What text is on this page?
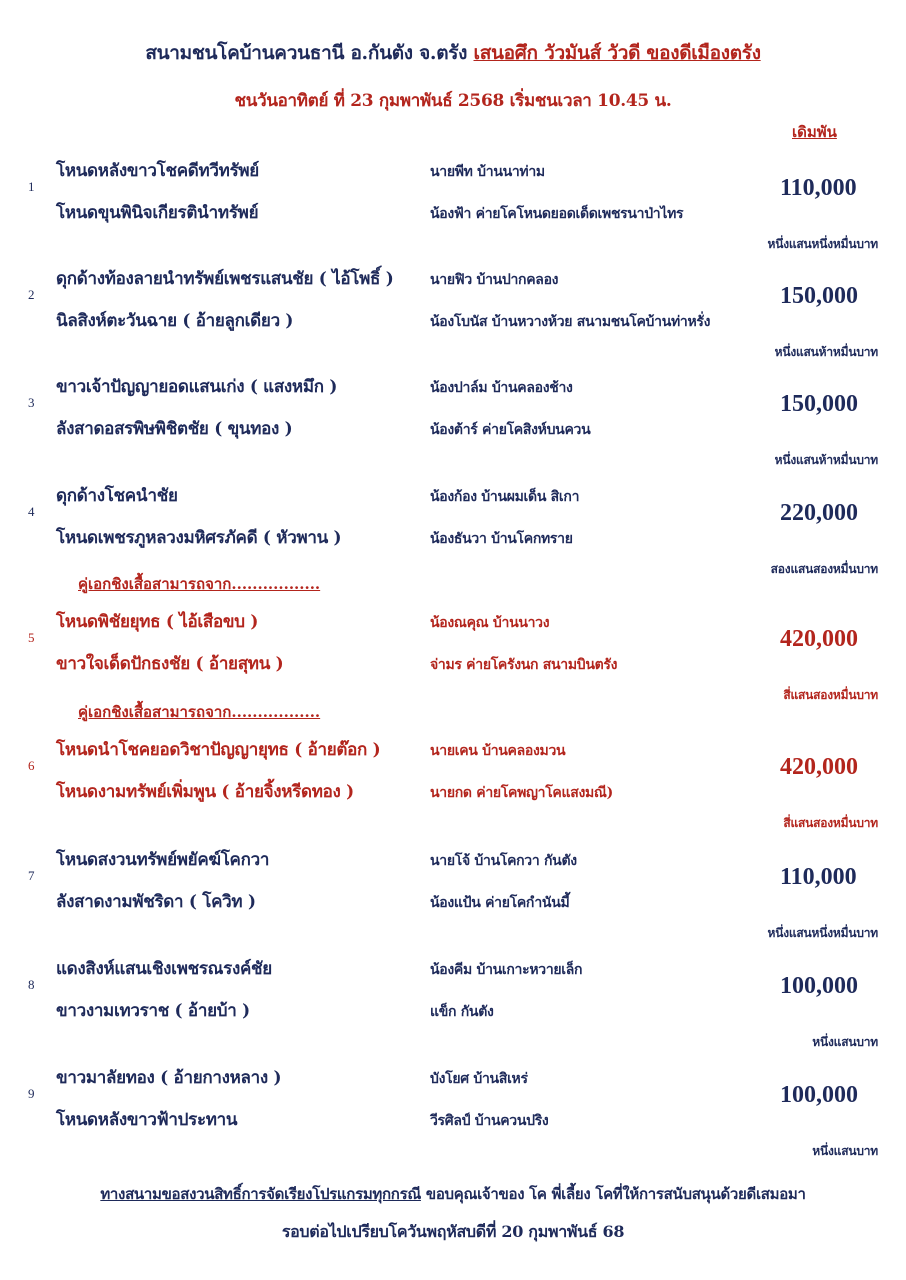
สนามชนโคบ้านควนธานี อ.กันตัง จ.ตรัง เสนอศึก วัวมันส์ วัวดี ของดีเมืองตรัง
ชนวันอาทิตย์ ที่ 23 กุมพาพันธ์ 2568 เริ่มชนเวลา 10.45 น.
เดิมพัน
1
โหนดหลังขาวโชคดีทวีทรัพย์
โหนดขุนพินิจเกียรตินำทรัพย์
นายพีท บ้านนาท่าม
น้องฟ้า ค่ายโคโหนดยอดเด็ดเพชรนาป่าไทร
110,000
หนึ่งแสนหนึ่งหมื่นบาท
2
ดุกด้างท้องลายนำทรัพย์เพชรแสนชัย ( ไอ้โพธิ์ )
นิลสิงห์ตะวันฉาย ( อ้ายลูกเดียว )
นายฟิว บ้านปากคลอง
น้องโบนัส บ้านหวางห้วย สนามชนโคบ้านท่าหรั่ง
150,000
หนึ่งแสนห้าหมื่นบาท
3
ขาวเจ้าปัญญายอดแสนเก่ง ( แสงหมึก )
ลังสาดอสรพิษพิชิตชัย ( ขุนทอง )
น้องปาล์ม บ้านคลองช้าง
น้องต้าร์ ค่ายโคสิงห์บนควน
150,000
หนึ่งแสนห้าหมื่นบาท
4
ดุกด้างโชคนำชัย
โหนดเพชรภูหลวงมหิศรภัคดี ( หัวพาน )
น้องก้อง บ้านผมเด็น สิเกา
น้องธันวา บ้านโคกทราย
220,000
สองแสนสองหมื่นบาท
5
โหนดพิชัยยุทธ ( ไอ้เสือขบ )
ขาวใจเด็ดปักธงชัย ( อ้ายสุทน )
น้องณคุณ บ้านนาวง
จ่ามร ค่ายโครังนก สนามบินตรัง
420,000
สี่แสนสองหมื่นบาท
6
โหนดนำโชคยอดวิชาปัญญายุทธ ( อ้ายต๊อก )
โหนดงามทรัพย์เพิ่มพูน ( อ้ายจิ้งหรีดทอง )
นายเคน บ้านคลองมวน
นายกด ค่ายโคพญาโคแสงมณี)
420,000
สี่แสนสองหมื่นบาท
7
โหนดสงวนทรัพย์พยัคฆ์โคกวา
ลังสาดงามพัชริดา ( โควิท )
นายโจ้ บ้านโคกวา กันตัง
น้องแป้น ค่ายโคกำนันมี้
110,000
หนึ่งแสนหนึ่งหมื่นบาท
8
แดงสิงห์แสนเชิงเพชรณรงค์ชัย
ขาวงามเทวราช ( อ้ายบ้า )
น้องคีม บ้านเกาะหวายเล็ก
แข็ก กันตัง
100,000
หนึ่งแสนบาท
9
ขาวมาลัยทอง ( อ้ายกางหลาง )
โหนดหลังขาวฟ้าประทาน
บังโยศ บ้านสิเหร่
วีรศิลป์ บ้านควนปริง
100,000
หนึ่งแสนบาท
คู่เอกชิงเสื้อสามารถจาก.................
คู่เอกชิงเสื้อสามารถจาก.................
ทางสนามขอสงวนสิทธิ์การจัดเรียงโปรแกรมทุกกรณี ขอบคุณเจ้าของ โค พี่เลี้ยง โคที่ให้การสนับสนุนด้วยดีเสมอมา
รอบต่อไปเปรียบโควันพฤหัสบดีที่ 20 กุมพาพันธ์ 68
